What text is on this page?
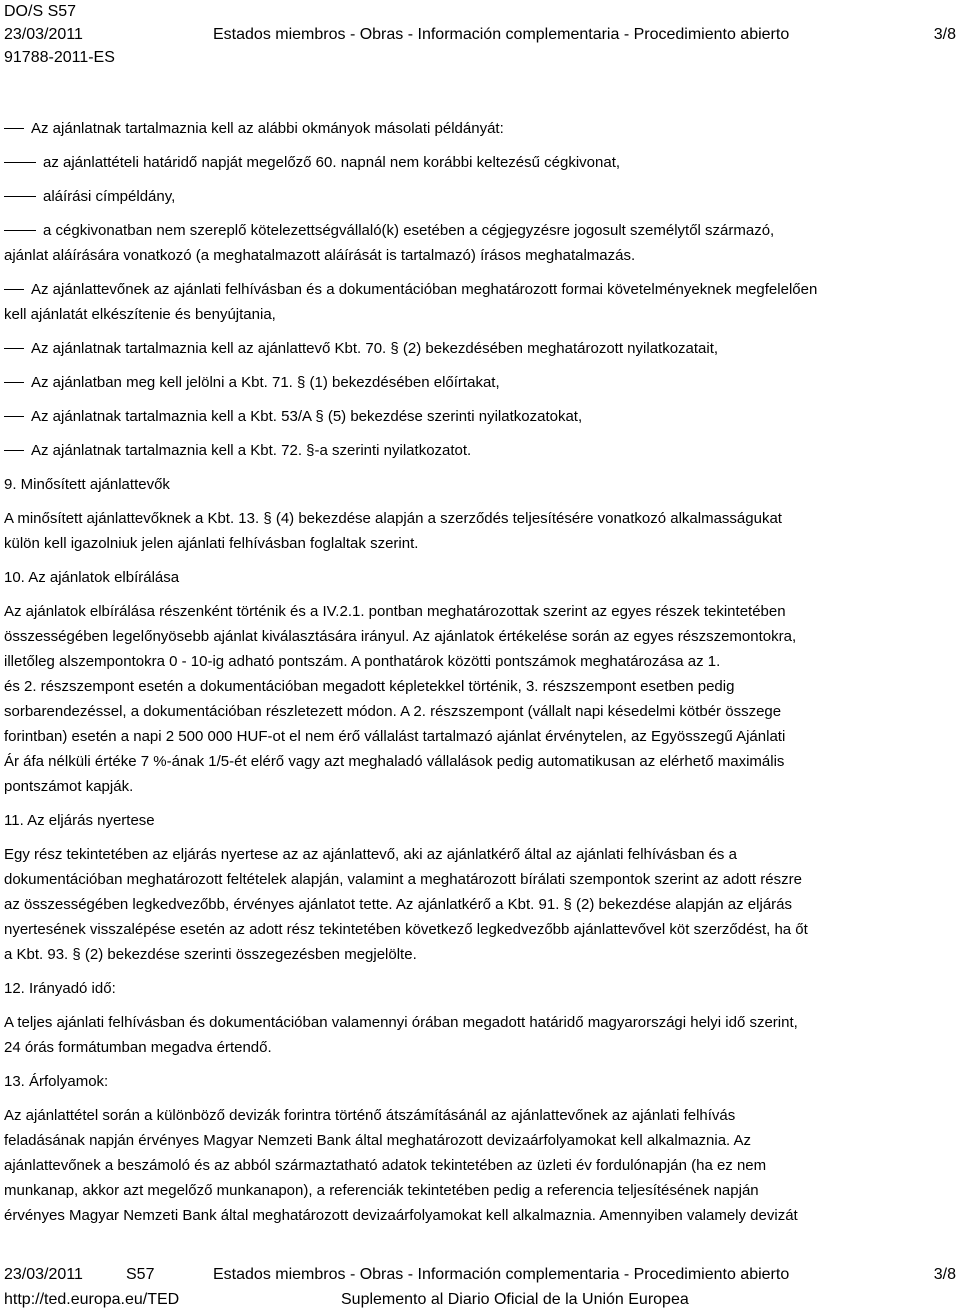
DO/S S57
23/03/2011	Estados miembros - Obras - Información complementaria - Procedimiento abierto	3/8
91788-2011-ES

Az ajánlatnak tartalmaznia kell az alábbi okmányok másolati példányát:

az ajánlattételi határidő napját megelőző 60. napnál nem korábbi keltezésű cégkivonat,

aláírási címpéldány,

a cégkivonatban nem szereplő kötelezettségvállaló(k) esetében a cégjegyzésre jogosult személytől származó,
ajánlat aláírására vonatkozó (a meghatalmazott aláírását is tartalmazó) írásos meghatalmazás.

Az ajánlattevőnek az ajánlati felhívásban és a dokumentációban meghatározott formai követelményeknek megfelelően
kell ajánlatát elkészítenie és benyújtania,

Az ajánlatnak tartalmaznia kell az ajánlattevő Kbt. 70. § (2) bekezdésében meghatározott nyilatkozatait,

Az ajánlatban meg kell jelölni a Kbt. 71. § (1) bekezdésében előírtakat,

Az ajánlatnak tartalmaznia kell a Kbt. 53/A § (5) bekezdése szerinti nyilatkozatokat,

Az ajánlatnak tartalmaznia kell a Kbt. 72. §-a szerinti nyilatkozatot.

9. Minősített ajánlattevők

A minősített ajánlattevőknek a Kbt. 13. § (4) bekezdése alapján a szerződés teljesítésére vonatkozó alkalmasságukat
külön kell igazolniuk jelen ajánlati felhívásban foglaltak szerint.

10. Az ajánlatok elbírálása

Az ajánlatok elbírálása részenként történik és a IV.2.1. pontban meghatározottak szerint az egyes részek tekintetében
összességében legelőnyösebb ajánlat kiválasztására irányul. Az ajánlatok értékelése során az egyes részszemontokra,
illetőleg alszempontokra 0 - 10-ig adható pontszám. A ponthatárok közötti pontszámok meghatározása az 1.
és 2. részszempont esetén a dokumentációban megadott képletekkel történik, 3. részszempont esetben pedig
sorbarendezéssel, a dokumentációban részletezett módon. A 2. részszempont (vállalt napi késedelmi kötbér összege
forintban) esetén a napi 2 500 000 HUF-ot el nem érő vállalást tartalmazó ajánlat érvénytelen, az Egyösszegű Ajánlati
Ár áfa nélküli értéke 7 %-ának 1/5-ét elérő vagy azt meghaladó vállalások pedig automatikusan az elérhető maximális
pontszámot kapják.

11. Az eljárás nyertese

Egy rész tekintetében az eljárás nyertese az az ajánlattevő, aki az ajánlatkérő által az ajánlati felhívásban és a
dokumentációban meghatározott feltételek alapján, valamint a meghatározott bírálati szempontok szerint az adott részre
az összességében legkedvezőbb, érvényes ajánlatot tette. Az ajánlatkérő a Kbt. 91. § (2) bekezdése alapján az eljárás
nyertesének visszalépése esetén az adott rész tekintetében következő legkedvezőbb ajánlattevővel köt szerződést, ha őt
a Kbt. 93. § (2) bekezdése szerinti összegezésben megjelölte.

12. Irányadó idő:

A teljes ajánlati felhívásban és dokumentációban valamennyi órában megadott határidő magyarországi helyi idő szerint,
24 órás formátumban megadva értendő.

13. Árfolyamok:

Az ajánlattétel során a különböző devizák forintra történő átszámításánál az ajánlattevőnek az ajánlati felhívás
feladásának napján érvényes Magyar Nemzeti Bank által meghatározott devizaárfolyamokat kell alkalmaznia. Az
ajánlattevőnek a beszámoló és az abból származtatható adatok tekintetében az üzleti év fordulónapján (ha ez nem
munkanap, akkor azt megelőző munkanapon), a referenciák tekintetében pedig a referencia teljesítésének napján
érvényes Magyar Nemzeti Bank által meghatározott devizaárfolyamokat kell alkalmaznia. Amennyiben valamely devizát

23/03/2011	S57	Estados miembros - Obras - Información complementaria - Procedimiento abierto	3/8
http://ted.europa.eu/TED	Suplemento al Diario Oficial de la Unión Europea
